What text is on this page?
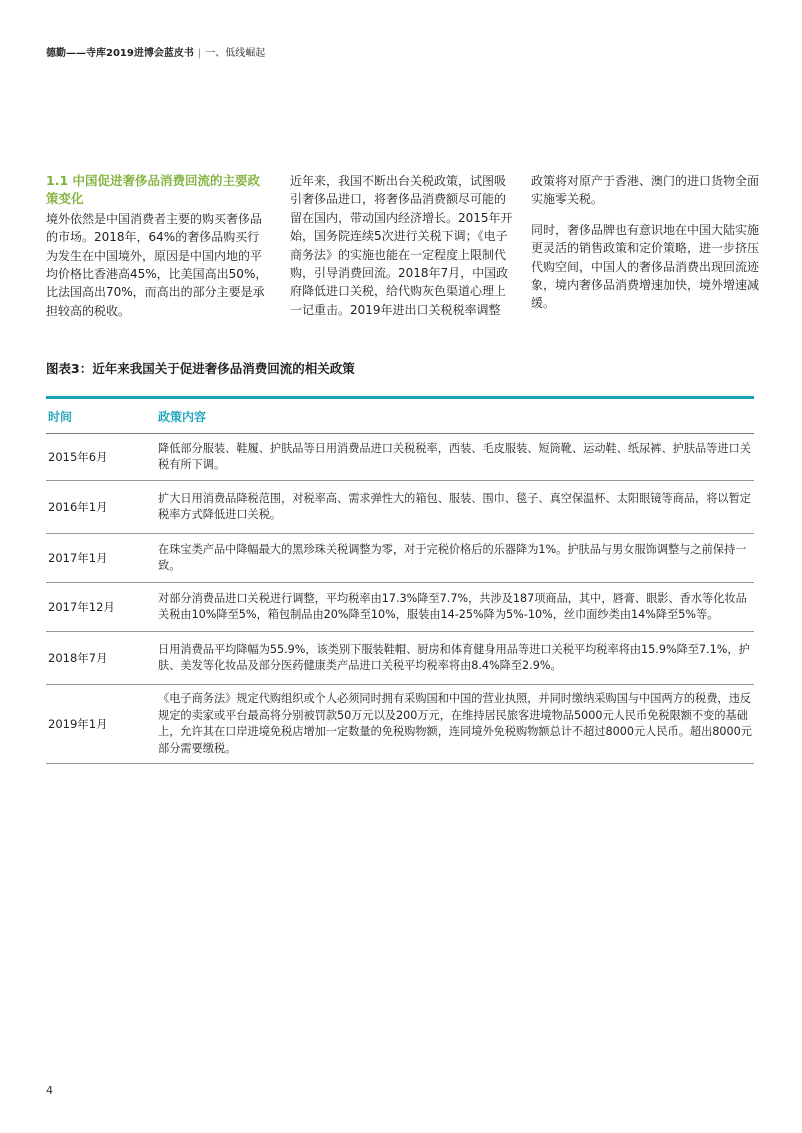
德勤——寺库2019进博会蓝皮书 | 一、低线崛起
1.1 中国促进奢侈品消费回流的主要政策变化

境外依然是中国消费者主要的购买奢侈品的市场。2018年，64%的奢侈品购买行为发生在中国境外，原因是中国内地的平均价格比香港高45%，比美国高出50%，比法国高出70%，而高出的部分主要是承担较高的税收。

近年来，我国不断出台关税政策，试图吸引奢侈品进口，将奢侈品消费额尽可能的留在国内，带动国内经济增长。2015年开始，国务院连续5次进行关税下调；《电子商务法》的实施也能在一定程度上限制代购，引导消费回流。2018年7月，中国政府降低进口关税，给代购灰色渠道心理上一记重击。2019年进出口关税税率调整

政策将对原产于香港、澳门的进口货物全面实施零关税。

同时，奢侈品牌也有意识地在中国大陆实施更灵活的销售政策和定价策略，进一步挤压代购空间，中国人的奢侈品消费出现回流迹象，境内奢侈品消费增速加快，境外增速减缓。

图表3：近年来我国关于促进奢侈品消费回流的相关政策
时间	政策内容
2015年6月
降低部分服装、鞋履、护肤品等日用消费品进口关税税率，西装、毛皮服装、短筒靴、运动鞋、纸尿裤、护肤品等进口关税有所下调。
2016年1月
扩大日用消费品降税范围，对税率高、需求弹性大的箱包、服装、围巾、毯子、真空保温杯、太阳眼镜等商品，将以暂定税率方式降低进口关税。
2017年1月
在珠宝类产品中降幅最大的黑珍珠关税调整为零，对于完税价格后的乐器降为1%。护肤品与男女服饰调整与之前保持一致。
2017年12月
对部分消费品进口关税进行调整，平均税率由17.3%降至7.7%，共涉及187项商品，其中，唇膏、眼影、香水等化妆品关税由10%降至5%，箱包制品由20%降至10%，服装由14-25%降为5%-10%，丝巾面纱类由14%降至5%等。
2018年7月
日用消费品平均降幅为55.9%，该类别下服装鞋帽、厨房和体育健身用品等进口关税平均税率将由15.9%降至7.1%，护肤、美发等化妆品及部分医药健康类产品进口关税平均税率将由8.4%降至2.9%。
2019年1月
《电子商务法》规定代购组织或个人必须同时拥有采购国和中国的营业执照，并同时缴纳采购国与中国两方的税费，违反规定的卖家或平台最高将分别被罚款50万元以及200万元，在维持居民旅客进境物品5000元人民币免税限额不变的基础上，允许其在口岸进境免税店增加一定数量的免税购物额，连同境外免税购物额总计不超过8000元人民币。超出8000元部分需要缴税。
4
